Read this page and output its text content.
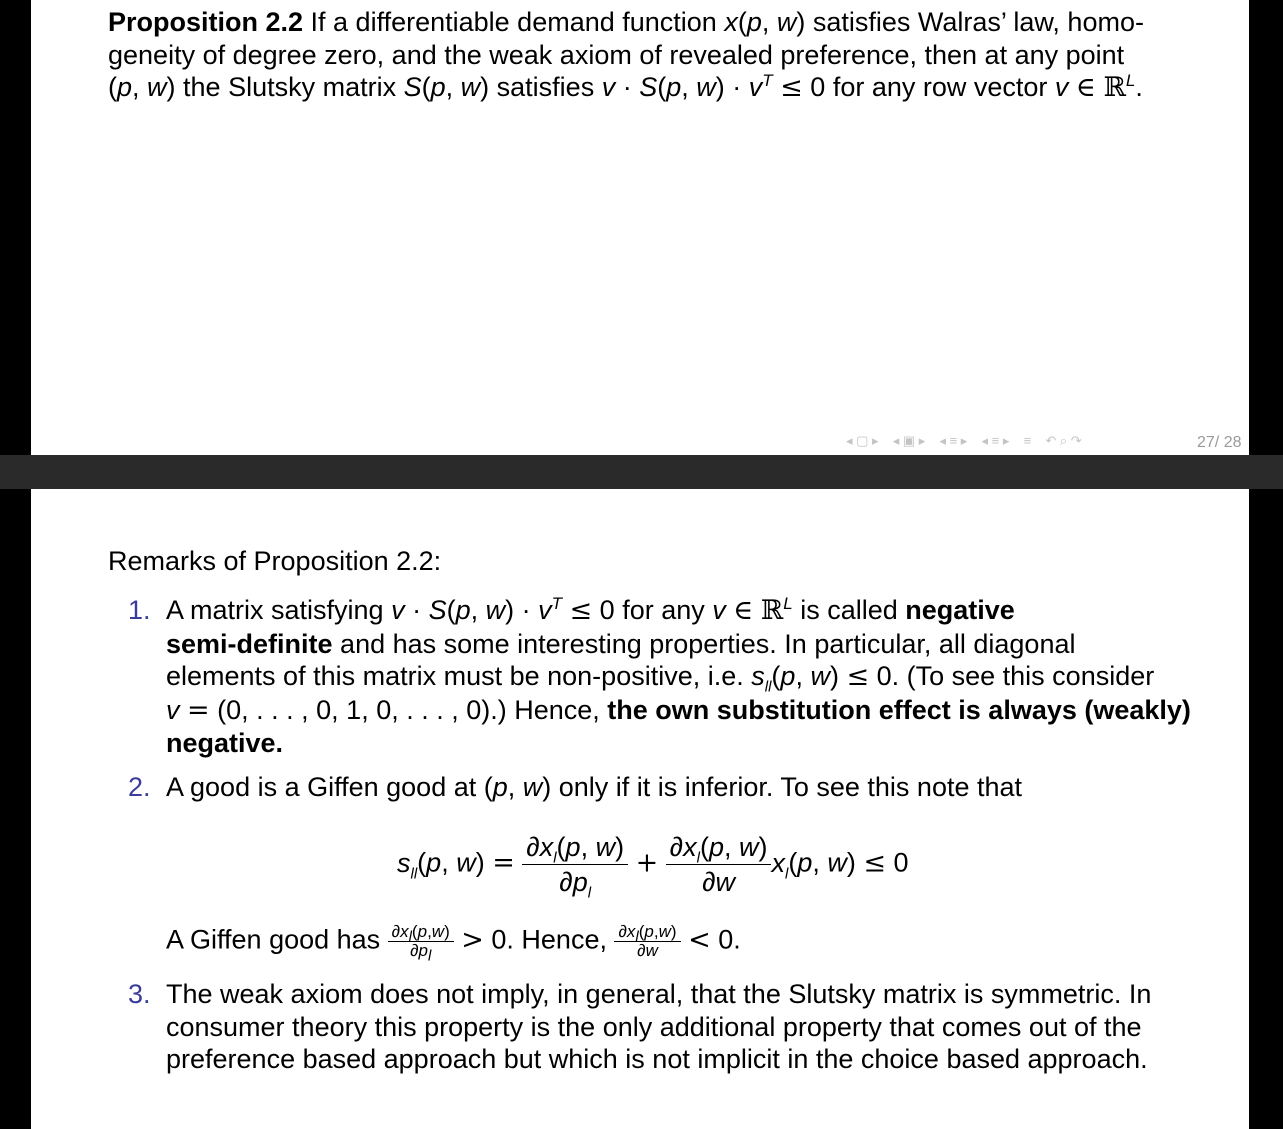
Proposition 2.2 If a differentiable demand function x(p, w) satisfies Walras’ law, homo-
geneity of degree zero, and the weak axiom of revealed preference, then at any point
(p, w) the Slutsky matrix S(p, w) satisfies v · S(p, $w) \cdot v^T \le 0$ for any row vector v ∈ ℝ$^L$.
◂ ▢ ▸ ◂ ▣ ▸ ◂ ≡ ▸ ◂ ≡ ▸ ≡ ↶ ⌕ ↷	27/ 28
Remarks of Proposition 2.2:
1. A matrix satisfying v · S(p, $w) \cdot v^T \le 0$ for any v ∈ ℝ$^L$ is called negative
semi-definite and has some interesting properties. In particular, all diagonal
elements of this matrix must be non-positive, i.e. $s_{ll}(p$, w) ≤ 0. (To see this consider
v = (0, . . . , 0, 1, 0, . . . , 0).) Hence, the own substitution effect is always (weakly)
negative.
2. A good is a Giffen good at (p, w) only if it is inferior. To see this note that
$s_{ll}(p$, $w) = \frac{\partial x_l(p, w)}{\partial p_l} + \frac{\partial x_l(p, w)}{\partial w} x_l(p$, w) ≤ 0
A Giffen good has $\frac{\partial x_l(p,w)}{\partial p_l} > 0$. Hence, $\frac{\partial x_l(p,w)}{\partial w} < 0$.
3. The weak axiom does not imply, in general, that the Slutsky matrix is symmetric. In
consumer theory this property is the only additional property that comes out of the
preference based approach but which is not implicit in the choice based approach.
